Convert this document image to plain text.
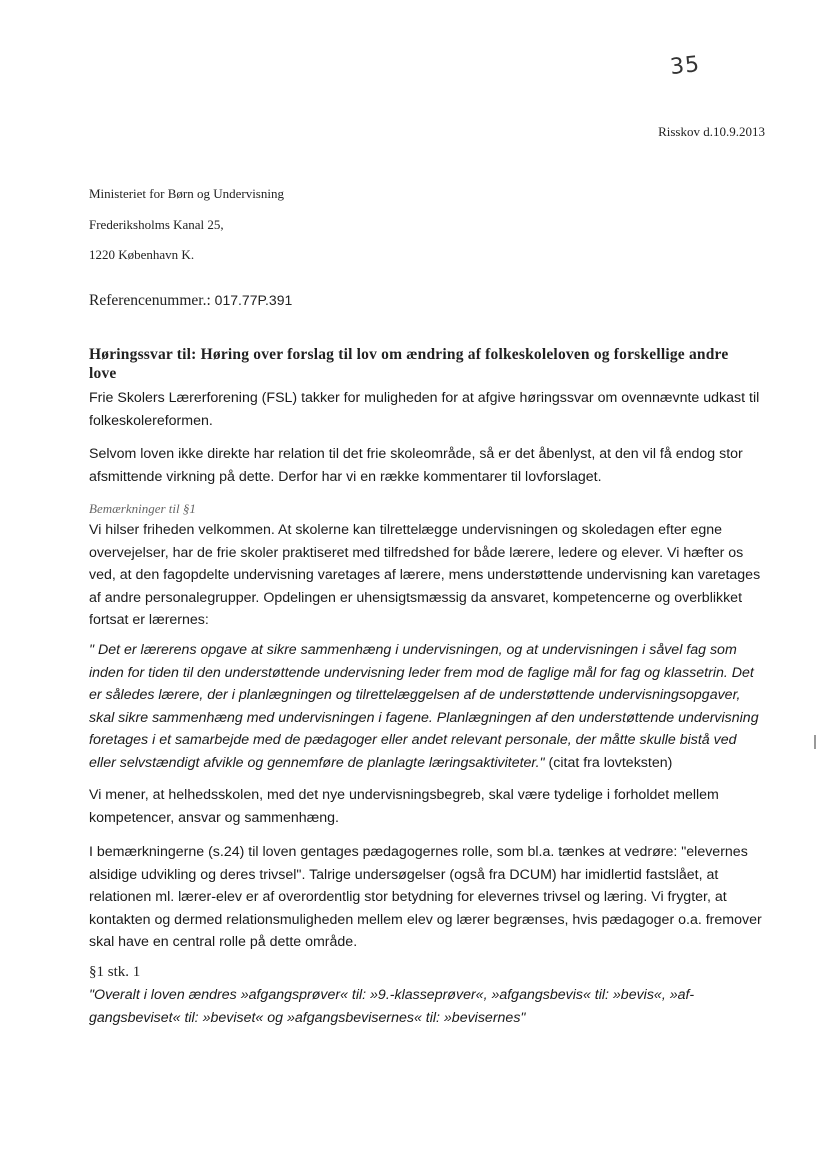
35
Risskov d.10.9.2013
Ministeriet for Børn og Undervisning
Frederiksholms Kanal 25,
1220 København K.
Referencenummer.: 017.77P.391
Høringssvar til: Høring over forslag til lov om ændring af folkeskoleloven og forskellige andre love
Frie Skolers Lærerforening (FSL) takker for muligheden for at afgive høringssvar om ovennævnte udkast til folkeskolereformen.
Selvom loven ikke direkte har relation til det frie skoleområde, så er det åbenlyst, at den vil få endog stor afsmittende virkning på dette. Derfor har vi en række kommentarer til lovforslaget.
Bemærkninger til §1
Vi hilser friheden velkommen. At skolerne kan tilrettelægge undervisningen og skoledagen efter egne overvejelser, har de frie skoler praktiseret med tilfredshed for både lærere, ledere og elever. Vi hæfter os ved, at den fagopdelte undervisning varetages af lærere, mens understøttende undervisning kan varetages af andre personalegrupper. Opdelingen er uhensigtsmæssig da ansvaret, kompetencerne og overblikket fortsat er lærernes:
" Det er lærerens opgave at sikre sammenhæng i undervisningen, og at undervisningen i såvel fag som inden for tiden til den understøttende undervisning leder frem mod de faglige mål for fag og klassetrin. Det er således lærere, der i planlægningen og tilrettelæggelsen af de understøttende undervisningsopgaver, skal sikre sammenhæng med undervisningen i fagene. Planlægningen af den understøttende undervisning foretages i et samarbejde med de pædagoger eller andet relevant personale, der måtte skulle bistå ved eller selvstændigt afvikle og gennemføre de planlagte læringsaktiviteter." (citat fra lovteksten)
Vi mener, at helhedsskolen, med det nye undervisningsbegreb, skal være tydelige i forholdet mellem kompetencer, ansvar og sammenhæng.
I bemærkningerne (s.24) til loven gentages pædagogernes rolle, som bl.a. tænkes at vedrøre: "elevernes alsidige udvikling og deres trivsel". Talrige undersøgelser (også fra DCUM) har imidlertid fastslået, at relationen ml. lærer-elev er af overordentlig stor betydning for elevernes trivsel og læring. Vi frygter, at kontakten og dermed relationsmuligheden mellem elev og lærer begrænses, hvis pædagoger o.a. fremover skal have en central rolle på dette område.
§1 stk. 1
"Overalt i loven ændres »afgangsprøver« til: »9.-klasseprøver«, »afgangsbevis« til: »bevis«, »af-gangsbeviset« til: »beviset« og »afgangsbevisernes« til: »bevisernes"
